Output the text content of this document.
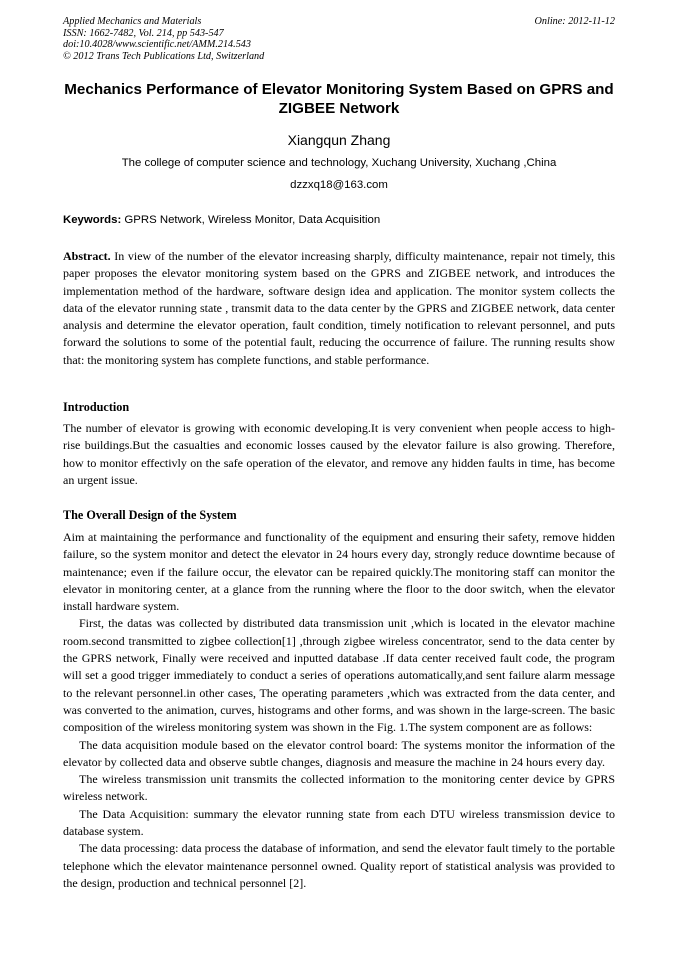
Applied Mechanics and Materials
ISSN: 1662-7482, Vol. 214, pp 543-547
doi:10.4028/www.scientific.net/AMM.214.543
© 2012 Trans Tech Publications Ltd, Switzerland
Online: 2012-11-12
Mechanics Performance of Elevator Monitoring System Based on GPRS and ZIGBEE Network
Xiangqun Zhang
The college of computer science and technology, Xuchang University, Xuchang ,China
dzzxq18@163.com
Keywords: GPRS Network, Wireless Monitor, Data Acquisition

Abstract. In view of the number of the elevator increasing sharply, difficulty maintenance, repair not timely, this paper proposes the elevator monitoring system based on the GPRS and ZIGBEE network, and introduces the implementation method of the hardware, software design idea and application. The monitor system collects the data of the elevator running state , transmit data to the data center by the GPRS and ZIGBEE network, data center analysis and determine the elevator operation, fault condition, timely notification to relevant personnel, and puts forward the solutions to some of the potential fault, reducing the occurrence of failure. The running results show that: the monitoring system has complete functions, and stable performance.

Introduction

The number of elevator is growing with economic developing.It is very convenient when people access to high-rise buildings.But the casualties and economic losses caused by the elevator failure is also growing. Therefore, how to monitor effectivly on the safe operation of the elevator, and remove any hidden faults in time, has become an urgent issue.

The Overall Design of the System

Aim at maintaining the performance and functionality of the equipment and ensuring their safety, remove hidden failure, so the system monitor and detect the elevator in 24 hours every day, strongly reduce downtime because of maintenance; even if the failure occur, the elevator can be repaired quickly.The monitoring staff can monitor the elevator in monitoring center, at a glance from the running where the floor to the door switch, when the elevator install hardware system.

First, the datas was collected by distributed data transmission unit ,which is located in the elevator machine room.second transmitted to zigbee collection[1] ,through zigbee wireless concentrator, send to the data center by the GPRS network, Finally were received and inputted database .If data center received fault code, the program will set a good trigger immediately to conduct a series of operations automatically,and sent failure alarm message to the relevant personnel.in other cases, The operating parameters ,which was extracted from the data center, and was converted to the animation, curves, histograms and other forms, and was shown in the large-screen. The basic composition of the wireless monitoring system was shown in the Fig. 1.The system component are as follows:

The data acquisition module based on the elevator control board: The systems monitor the information of the elevator by collected data and observe subtle changes, diagnosis and measure the machine in 24 hours every day.

The wireless transmission unit transmits the collected information to the monitoring center device by GPRS wireless network.

The Data Acquisition: summary the elevator running state from each DTU wireless transmission device to database system.

The data processing: data process the database of information, and send the elevator fault timely to the portable telephone which the elevator maintenance personnel owned. Quality report of statistical analysis was provided to the design, production and technical personnel [2].
